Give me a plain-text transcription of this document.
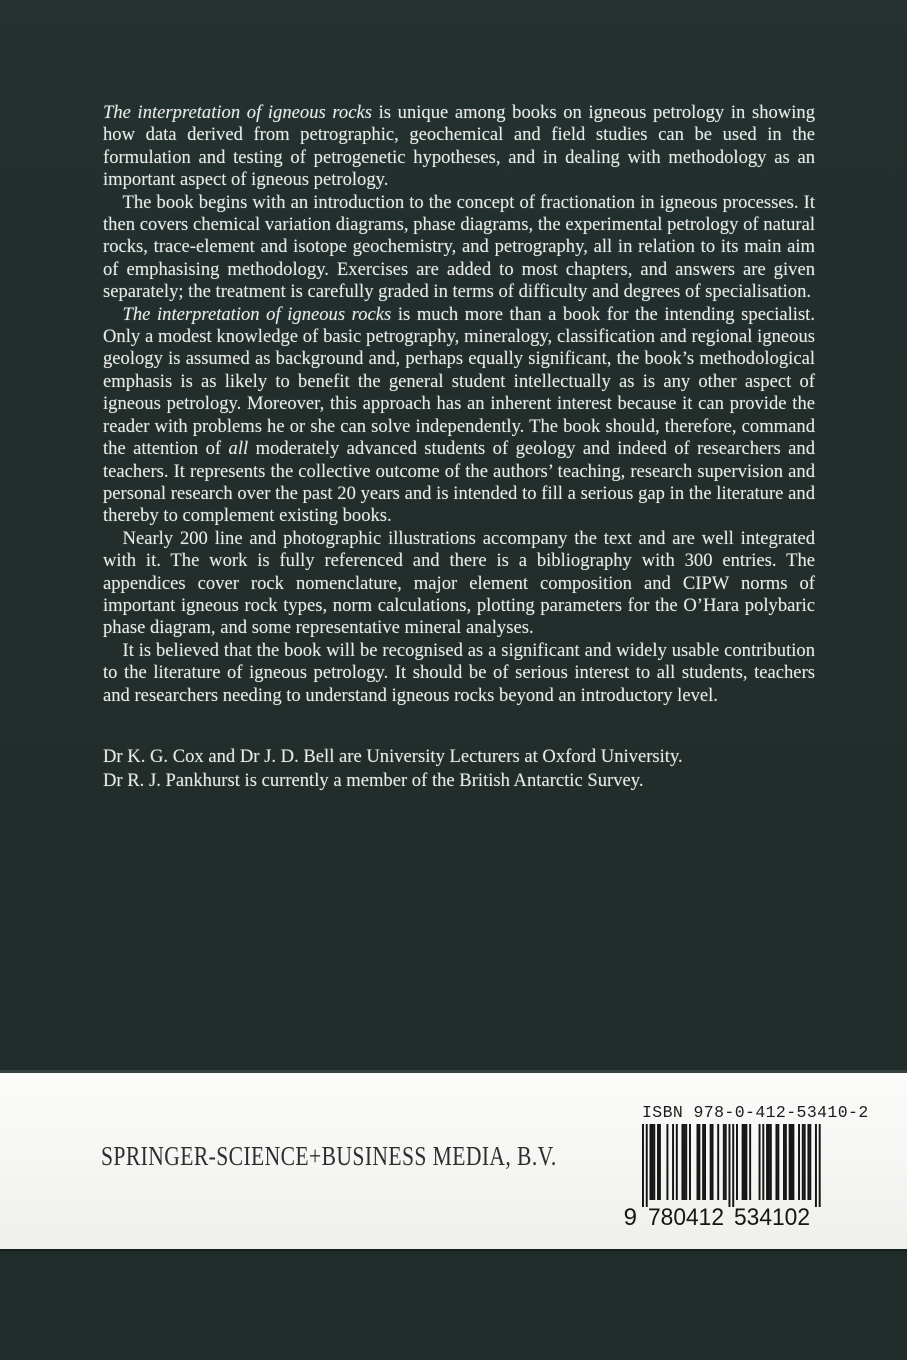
The interpretation of igneous rocks is unique among books on igneous petrology in showing how data derived from petrographic, geochemical and field studies can be used in the formulation and testing of petrogenetic hypotheses, and in dealing with methodology as an important aspect of igneous petrology.

The book begins with an introduction to the concept of fractionation in igneous processes. It then covers chemical variation diagrams, phase diagrams, the experimental petrology of natural rocks, trace-element and isotope geochemistry, and petrography, all in relation to its main aim of emphasising methodology. Exercises are added to most chapters, and answers are given separately; the treatment is carefully graded in terms of difficulty and degrees of specialisation.

The interpretation of igneous rocks is much more than a book for the intending specialist. Only a modest knowledge of basic petrography, mineralogy, classification and regional igneous geology is assumed as background and, perhaps equally significant, the book’s methodological emphasis is as likely to benefit the general student intellectually as is any other aspect of igneous petrology. Moreover, this approach has an inherent interest because it can provide the reader with problems he or she can solve independently. The book should, therefore, command the attention of all moderately advanced students of geology and indeed of researchers and teachers. It represents the collective outcome of the authors’ teaching, research supervision and personal research over the past 20 years and is intended to fill a serious gap in the literature and thereby to complement existing books.

Nearly 200 line and photographic illustrations accompany the text and are well integrated with it. The work is fully referenced and there is a bibliography with 300 entries. The appendices cover rock nomenclature, major element composition and CIPW norms of important igneous rock types, norm calculations, plotting parameters for the O’Hara polybaric phase diagram, and some representative mineral analyses.

It is believed that the book will be recognised as a significant and widely usable contribution to the literature of igneous petrology. It should be of serious interest to all students, teachers and researchers needing to understand igneous rocks beyond an introductory level.

Dr K. G. Cox and Dr J. D. Bell are University Lecturers at Oxford University.
Dr R. J. Pankhurst is currently a member of the British Antarctic Survey.
SPRINGER-SCIENCE+BUSINESS MEDIA, B.V.
ISBN 978-0-412-53410-2
9 780412 534102
